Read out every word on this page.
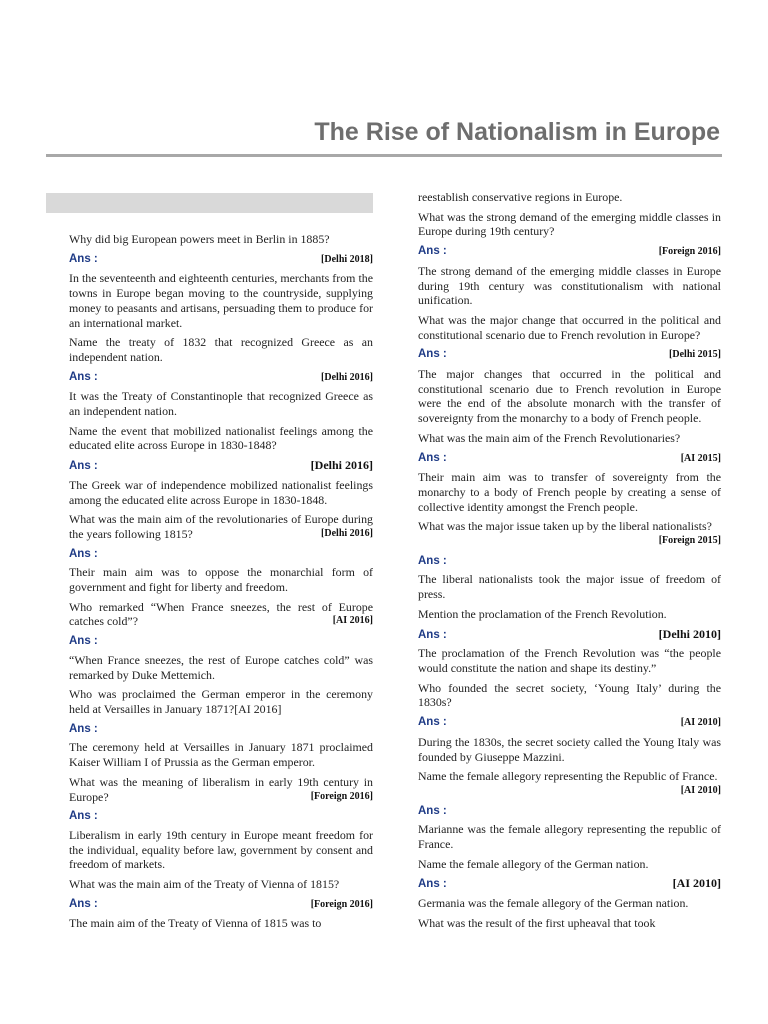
The Rise of Nationalism in Europe
Why did big European powers meet in Berlin in 1885?
Ans :	[Delhi 2018]
In the seventeenth and eighteenth centuries, merchants from the towns in Europe began moving to the countryside, supplying money to peasants and artisans, persuading them to produce for an international market.
Name the treaty of 1832 that recognized Greece as an independent nation.
Ans :	[Delhi 2016]
It was the Treaty of Constantinople that recognized Greece as an independent nation.
Name the event that mobilized nationalist feelings among the educated elite across Europe in 1830-1848?
Ans :	[Delhi 2016]
The Greek war of independence mobilized nationalist feelings among the educated elite across Europe in 1830-1848.
What was the main aim of the revolutionaries of Europe during the years following 1815?	[Delhi 2016]
Ans :
Their main aim was to oppose the monarchial form of government and fight for liberty and freedom.
Who remarked “When France sneezes, the rest of Europe catches cold”?	[AI 2016]
Ans :
“When France sneezes, the rest of Europe catches cold” was remarked by Duke Mettemich.
Who was proclaimed the German emperor in the ceremony held at Versailles in January 1871?[AI 2016]
Ans :
The ceremony held at Versailles in January 1871 proclaimed Kaiser William I of Prussia as the German emperor.
What was the meaning of liberalism in early 19th century in Europe?	[Foreign 2016]
Ans :
Liberalism in early 19th century in Europe meant freedom for the individual, equality before law, government by consent and freedom of markets.
What was the main aim of the Treaty of Vienna of 1815?
Ans :	[Foreign 2016]
The main aim of the Treaty of Vienna of 1815 was to
reestablish conservative regions in Europe.
What was the strong demand of the emerging middle classes in Europe during 19th century?
Ans :	[Foreign 2016]
The strong demand of the emerging middle classes in Europe during 19th century was constitutionalism with national unification.
What was the major change that occurred in the political and constitutional scenario due to French revolution in Europe?
Ans :	[Delhi 2015]
The major changes that occurred in the political and constitutional scenario due to French revolution in Europe were the end of the absolute monarch with the transfer of sovereignty from the monarchy to a body of French people.
What was the main aim of the French Revolutionaries?
Ans :	[AI 2015]
Their main aim was to transfer of sovereignty from the monarchy to a body of French people by creating a sense of collective identity amongst the French people.
What was the major issue taken up by the liberal nationalists?
[Foreign 2015]
Ans :
The liberal nationalists took the major issue of freedom of press.
Mention the proclamation of the French Revolution.
Ans :	[Delhi 2010]
The proclamation of the French Revolution was “the people would constitute the nation and shape its destiny.”
Who founded the secret society, ‘Young Italy’ during the 1830s?
Ans :	[AI 2010]
During the 1830s, the secret society called the Young Italy was founded by Giuseppe Mazzini.
Name the female allegory representing the Republic of France.
[AI 2010]
Ans :
Marianne was the female allegory representing the republic of France.
Name the female allegory of the German nation.
Ans :	[AI 2010]
Germania was the female allegory of the German nation.
What was the result of the first upheaval that took
